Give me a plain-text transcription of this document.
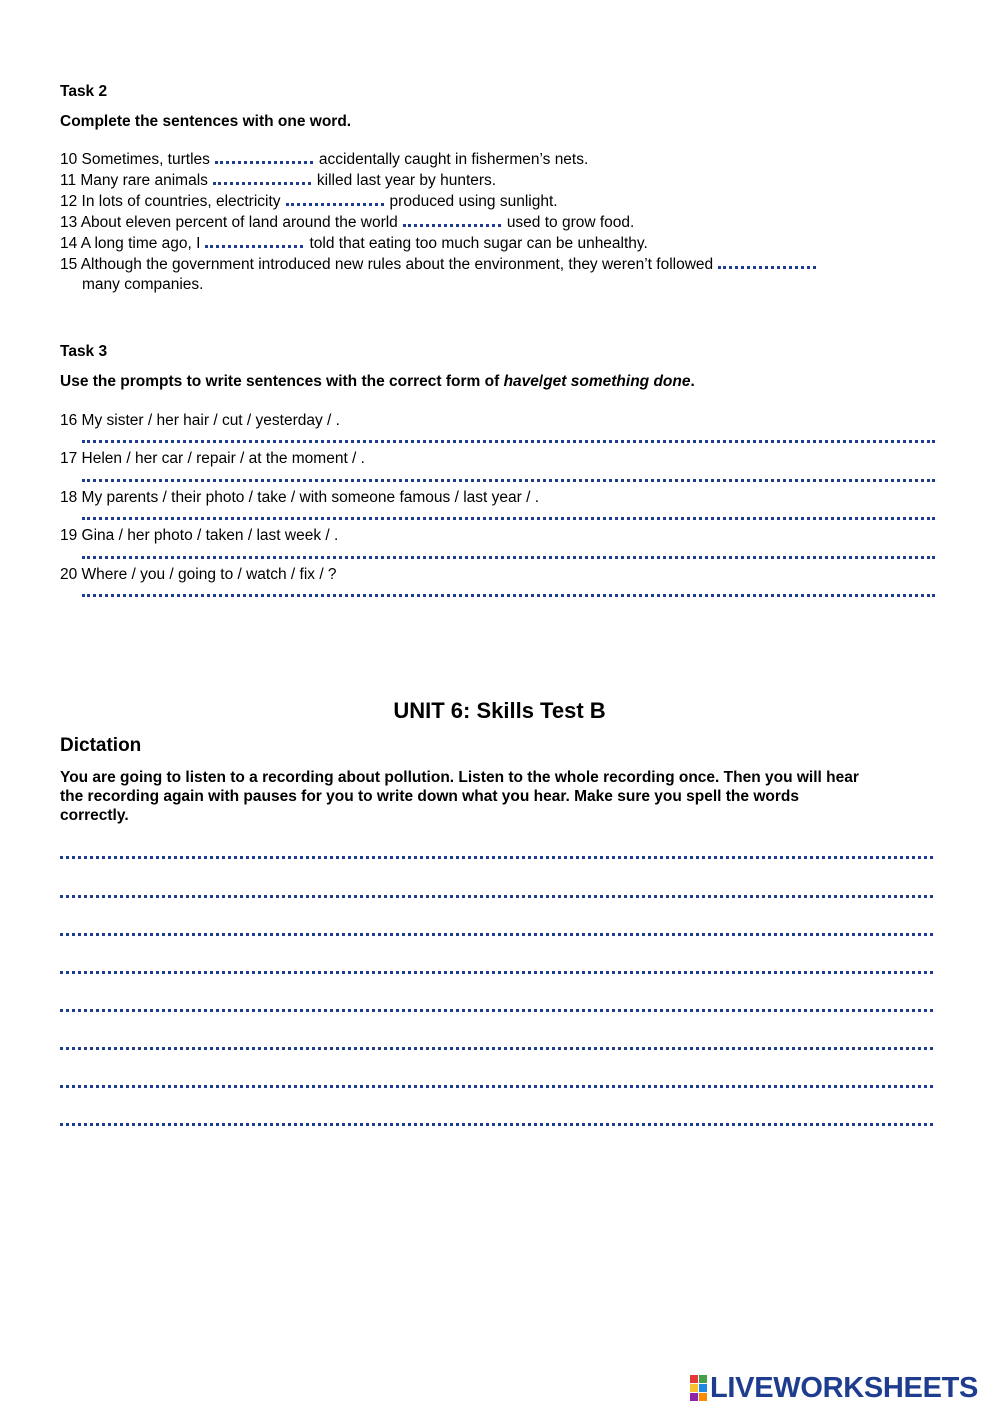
Task 2
Complete the sentences with one word.
10 Sometimes, turtles	accidentally caught in fishermen’s nets.
11 Many rare animals	killed last year by hunters.
12 In lots of countries, electricity	produced using sunlight.
13 About eleven percent of land around the world	used to grow food.
14 A long time ago, I	told that eating too much sugar can be unhealthy.
15 Although the government introduced new rules about the environment, they weren’t followed
many companies.
Task 3
Use the prompts to write sentences with the correct form of have/get something done.
16 My sister / her hair / cut / yesterday / .
17 Helen / her car / repair / at the moment / .
18 My parents / their photo / take / with someone famous / last year / .
19 Gina / her photo / taken / last week / .
20 Where / you / going to / watch / fix / ?
UNIT 6: Skills Test B
Dictation
You are going to listen to a recording about pollution. Listen to the whole recording once. Then you will hear
the recording again with pauses for you to write down what you hear. Make sure you spell the words
correctly.
LIVEWORKSHEETS
